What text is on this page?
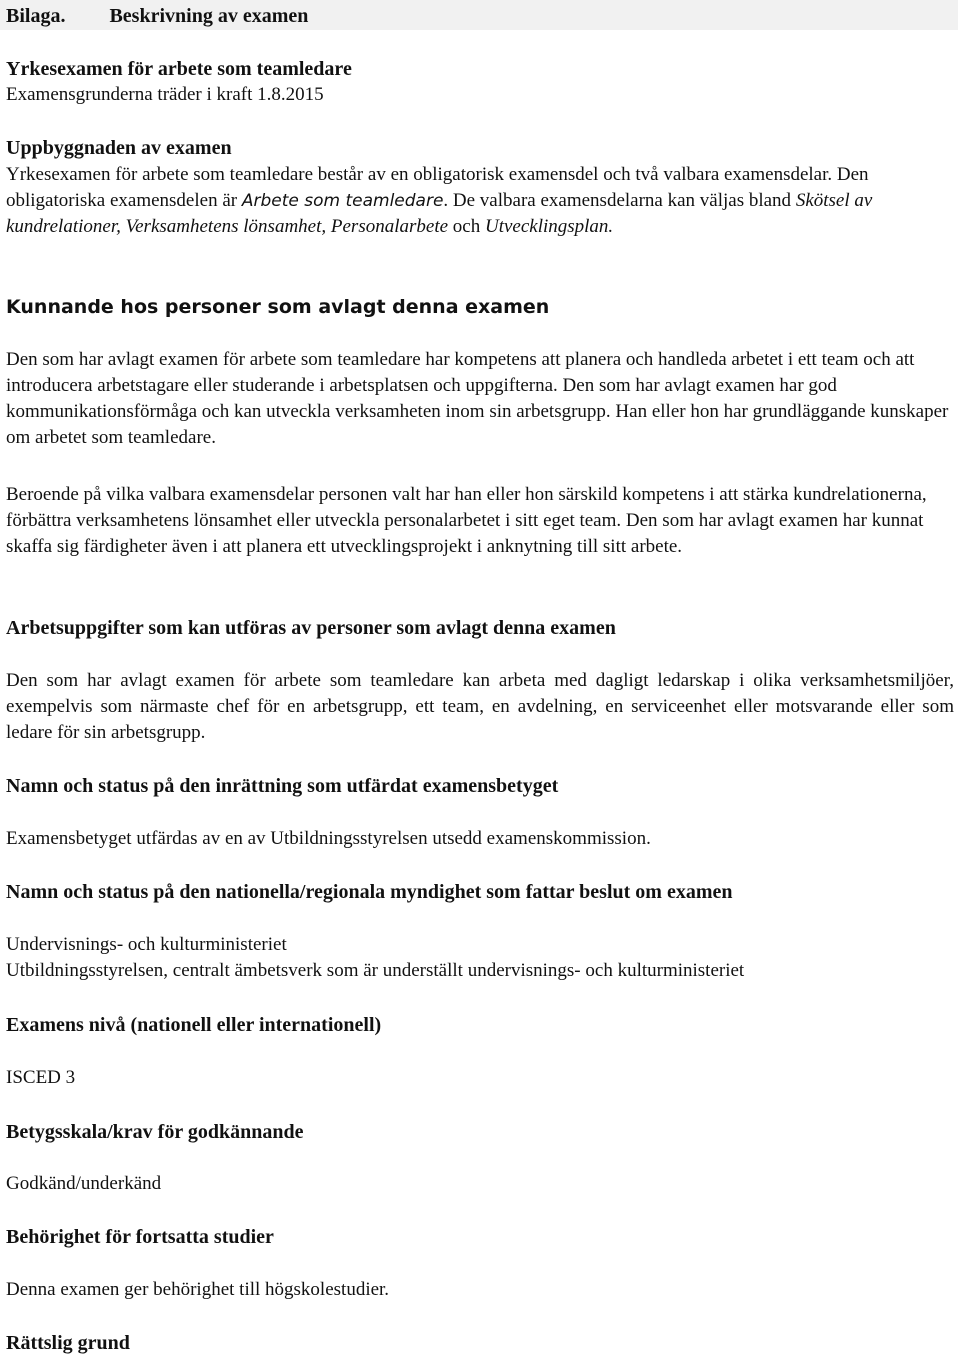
Bilaga. Beskrivning av examen
Yrkesexamen för arbete som teamledare
Examensgrunderna träder i kraft 1.8.2015
Uppbyggnaden av examen

Yrkesexamen för arbete som teamledare består av en obligatorisk examensdel och två valbara examensdelar. Den obligatoriska examensdelen är Arbete som teamledare. De valbara examensdelarna kan väljas bland Skötsel av kundrelationer, Verksamhetens lönsamhet, Personalarbete och Utvecklingsplan.

Kunnande hos personer som avlagt denna examen

Den som har avlagt examen för arbete som teamledare har kompetens att planera och handleda arbetet i ett team och att introducera arbetstagare eller studerande i arbetsplatsen och uppgifterna. Den som har avlagt examen har god kommunikationsförmåga och kan utveckla verksamheten inom sin arbetsgrupp. Han eller hon har grundläggande kunskaper om arbetet som teamledare.

Beroende på vilka valbara examensdelar personen valt har han eller hon särskild kompetens i att stärka kundrelationerna, förbättra verksamhetens lönsamhet eller utveckla personalarbetet i sitt eget team. Den som har avlagt examen har kunnat skaffa sig färdigheter även i att planera ett utvecklingsprojekt i anknytning till sitt arbete.

Arbetsuppgifter som kan utföras av personer som avlagt denna examen

Den som har avlagt examen för arbete som teamledare kan arbeta med dagligt ledarskap i olika verksamhetsmiljöer, exempelvis som närmaste chef för en arbetsgrupp, ett team, en avdelning, en serviceenhet eller motsvarande eller som ledare för sin arbetsgrupp.

Namn och status på den inrättning som utfärdat examensbetyget

Examensbetyget utfärdas av en av Utbildningsstyrelsen utsedd examenskommission.

Namn och status på den nationella/regionala myndighet som fattar beslut om examen
Undervisnings- och kulturministeriet
Utbildningsstyrelsen, centralt ämbetsverk som är underställt undervisnings- och kulturministeriet
Examens nivå (nationell eller internationell)

ISCED 3

Betygsskala/krav för godkännande

Godkänd/underkänd

Behörighet för fortsatta studier

Denna examen ger behörighet till högskolestudier.

Rättslig grund
